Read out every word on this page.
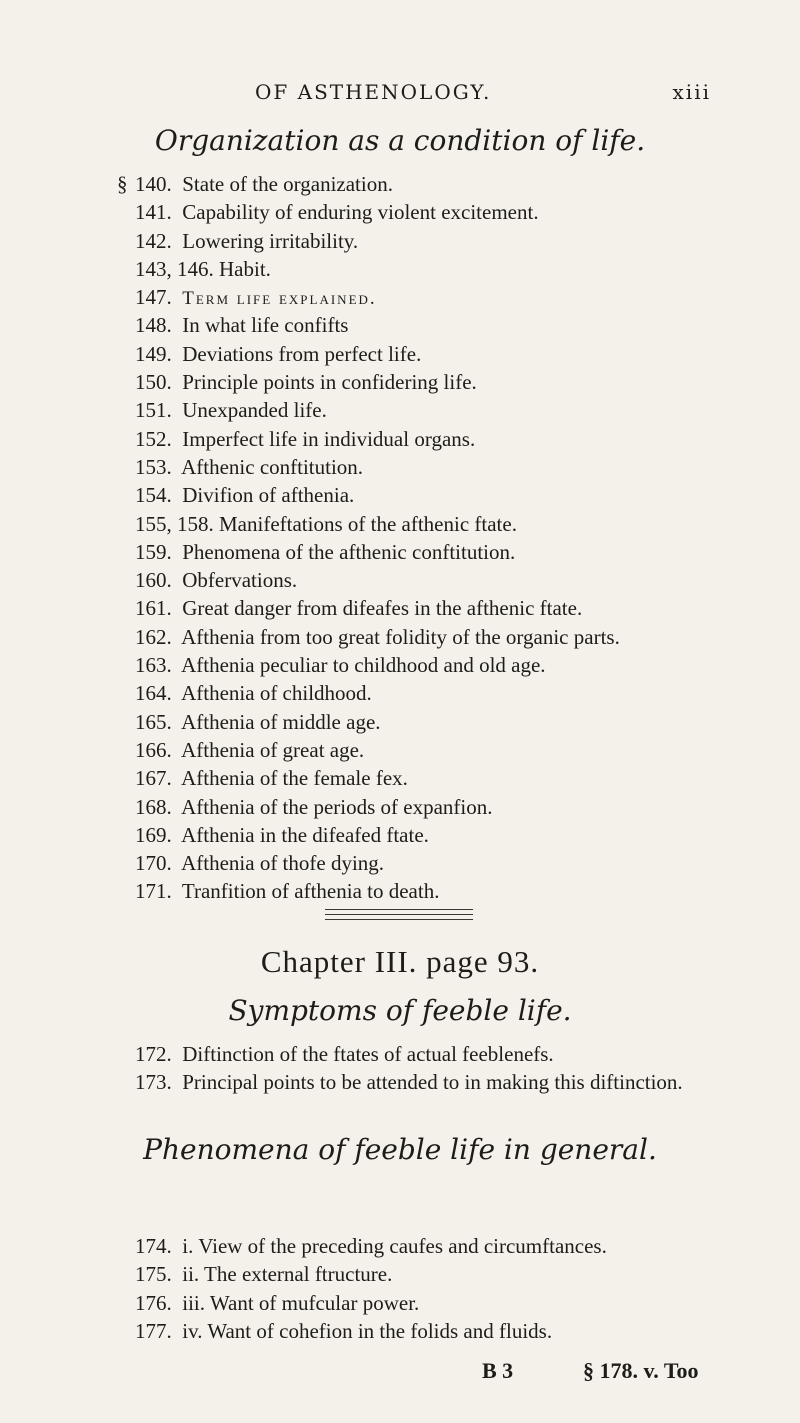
OF ASTHENOLOGY.	xiii
Organization as a condition of life.
§ 140. State of the organization.
141. Capability of enduring violent excitement.
142. Lowering irritability.
143, 146. Habit.
147. Term life explained.
148. In what life confifts
149. Deviations from perfect life.
150. Principle points in confidering life.
151. Unexpanded life.
152. Imperfect life in individual organs.
153. Afthenic conftitution.
154. Divifion of afthenia.
155, 158. Manifeftations of the afthenic ftate.
159. Phenomena of the afthenic conftitution.
160. Obfervations.
161. Great danger from difeafes in the afthenic ftate.
162. Afthenia from too great folidity of the organic parts.
163. Afthenia peculiar to childhood and old age.
164. Afthenia of childhood.
165. Afthenia of middle age.
166. Afthenia of great age.
167. Afthenia of the female fex.
168. Afthenia of the periods of expanfion.
169. Afthenia in the difeafed ftate.
170. Afthenia of thofe dying.
171. Tranfition of afthenia to death.
Chapter III. page 93.
Symptoms of feeble life.
172. Diftinction of the ftates of actual feeblenefs.
173. Principal points to be attended to in making this diftinction.
Phenomena of feeble life in general.
174. i. View of the preceding caufes and circumftances.
175. ii. The external ftructure.
176. iii. Want of mufcular power.
177. iv. Want of cohefion in the folids and fluids.
B 3	§ 178. v. Too
